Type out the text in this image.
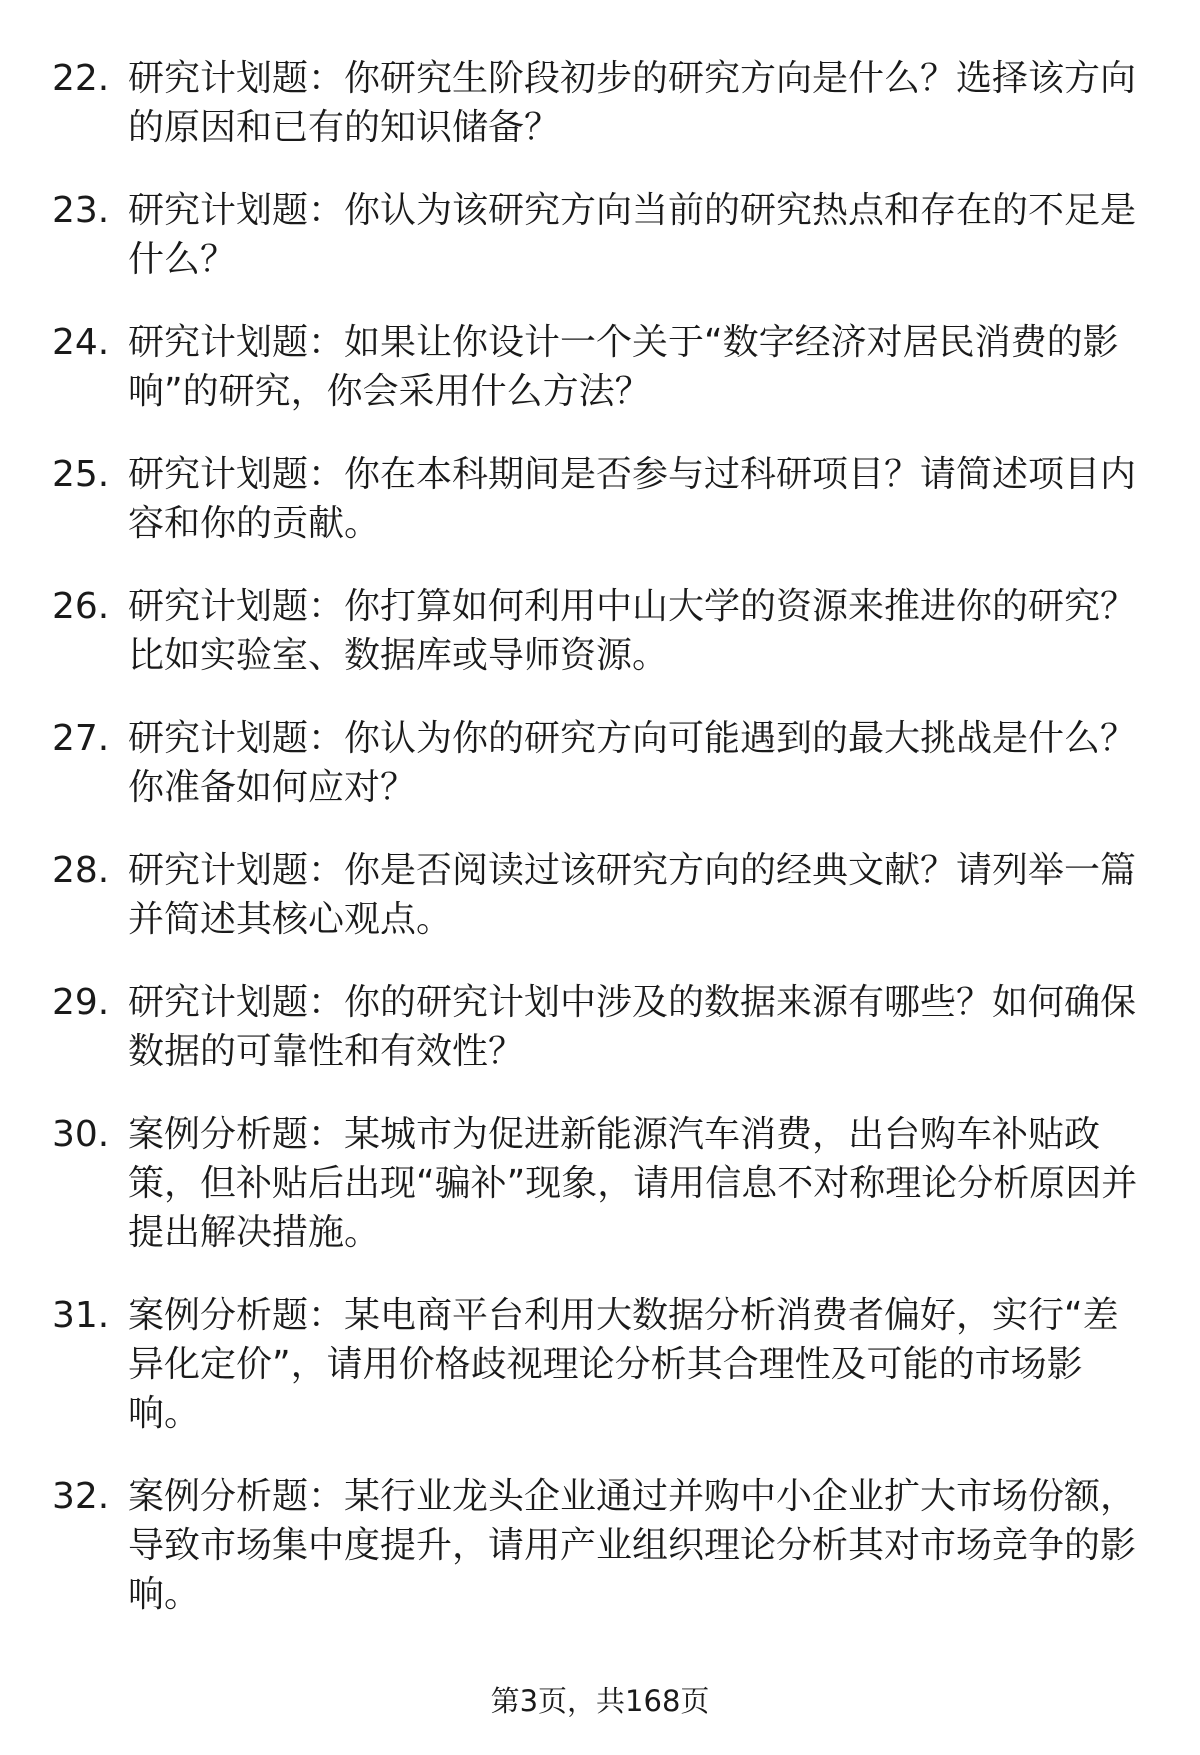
22. 研究计划题：你研究生阶段初步的研究方向是什么？选择该方向的原因和已有的知识储备？
23. 研究计划题：你认为该研究方向当前的研究热点和存在的不足是什么？
24. 研究计划题：如果让你设计一个关于“数字经济对居民消费的影响”的研究，你会采用什么方法？
25. 研究计划题：你在本科期间是否参与过科研项目？请简述项目内容和你的贡献。
26. 研究计划题：你打算如何利用中山大学的资源来推进你的研究？比如实验室、数据库或导师资源。
27. 研究计划题：你认为你的研究方向可能遇到的最大挑战是什么？你准备如何应对？
28. 研究计划题：你是否阅读过该研究方向的经典文献？请列举一篇并简述其核心观点。
29. 研究计划题：你的研究计划中涉及的数据来源有哪些？如何确保数据的可靠性和有效性？
30. 案例分析题：某城市为促进新能源汽车消费，出台购车补贴政策，但补贴后出现“骗补”现象，请用信息不对称理论分析原因并提出解决措施。
31. 案例分析题：某电商平台利用大数据分析消费者偏好，实行“差异化定价”，请用价格歧视理论分析其合理性及可能的市场影响。
32. 案例分析题：某行业龙头企业通过并购中小企业扩大市场份额，导致市场集中度提升，请用产业组织理论分析其对市场竞争的影响。
第3页，共168页
